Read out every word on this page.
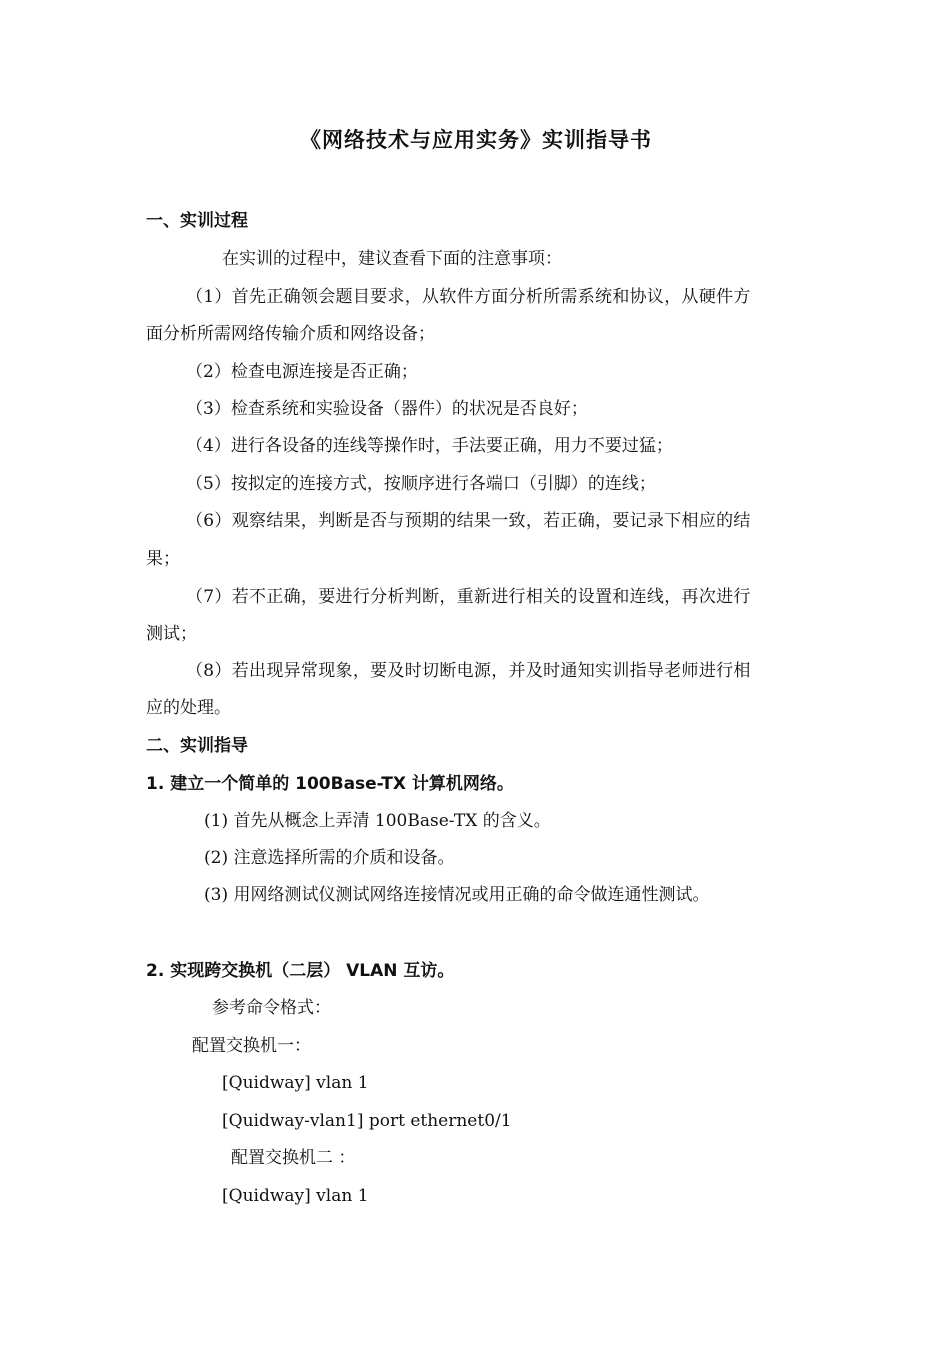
《网络技术与应用实务》实训指导书
一、实训过程
在实训的过程中，建议查看下面的注意事项：
（1）首先正确领会题目要求，从软件方面分析所需系统和协议，从硬件方
面分析所需网络传输介质和网络设备；
（2）检查电源连接是否正确；
（3）检查系统和实验设备（器件）的状况是否良好；
（4）进行各设备的连线等操作时，手法要正确，用力不要过猛；
（5）按拟定的连接方式，按顺序进行各端口（引脚）的连线；
（6）观察结果，判断是否与预期的结果一致，若正确，要记录下相应的结
果；
（7）若不正确，要进行分析判断，重新进行相关的设置和连线，再次进行
测试；
（8）若出现异常现象，要及时切断电源，并及时通知实训指导老师进行相
应的处理。
二、实训指导
1. 建立一个简单的 100Base-TX 计算机网络。
(1) 首先从概念上弄清 100Base-TX 的含义。
(2) 注意选择所需的介质和设备。
(3) 用网络测试仪测试网络连接情况或用正确的命令做连通性测试。
2. 实现跨交换机（二层） VLAN 互访。
参考命令格式：
配置交换机一：
[Quidway] vlan 1
[Quidway-vlan1] port ethernet0/1
配置交换机二 ：
[Quidway] vlan 1
